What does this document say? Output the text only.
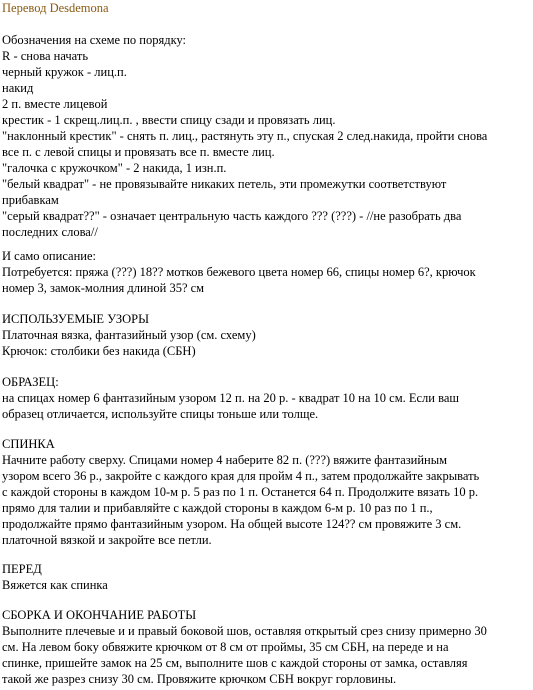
Перевод Desdemona
Обозначения на схеме по порядку:
R - снова начать
черный кружок - лиц.п.
накид
2 п. вместе лицевой
крестик - 1 скрещ.лиц.п. , ввести спицу сзади и провязать лиц.
"наклонный крестик" - снять п. лиц., растянуть эту п., спуская 2 след.накида, пройти снова
все п. с левой спицы и провязать все п. вместе лиц.
"галочка с кружочком" - 2 накида, 1 изн.п.
"белый квадрат" - не провязывайте никаких петель, эти промежутки соответствуют
прибавкам
"серый квадрат??" - означает центральную часть каждого ??? (???) - //не разобрать два
последних слова//
И само описание:
Потребуется: пряжа (???) 18?? мотков бежевого цвета номер 66, спицы номер 6?, крючок
номер 3, замок-молния длиной 35? см
ИСПОЛЬЗУЕМЫЕ УЗОРЫ
Платочная вязка, фантазийный узор (см. схему)
Крючок: столбики без накида (СБН)
ОБРАЗЕЦ:
на спицах номер 6 фантазийным узором 12 п. на 20 р. - квадрат 10 на 10 см. Если ваш
образец отличается, используйте спицы тоньше или толще.
СПИНКА
Начните работу сверху. Спицами номер 4 наберите 82 п. (???) вяжите фантазийным
узором всего 36 р., закройте с каждого края для пройм 4 п., затем продолжайте закрывать
с каждой стороны в каждом 10-м р. 5 раз по 1 п. Останется 64 п. Продолжите вязать 10 р.
прямо для талии и прибавляйте с каждой стороны в каждом 6-м р. 10 раз по 1 п.,
продолжайте прямо фантазийным узором. На общей высоте 124?? см провяжите 3 см.
платочной вязкой и закройте все петли.
ПЕРЕД
Вяжется как спинка
СБОРКА И ОКОНЧАНИЕ РАБОТЫ
Выполните плечевые и и правый боковой шов, оставляя открытый срез снизу примерно 30
см. На левом боку обвяжите крючком от 8 см от проймы, 35 см СБН, на переде и на
спинке, пришейте замок на 25 см, выполните шов с каждой стороны от замка, оставляя
такой же разрез снизу 30 см. Провяжите крючком СБН вокруг горловины.
